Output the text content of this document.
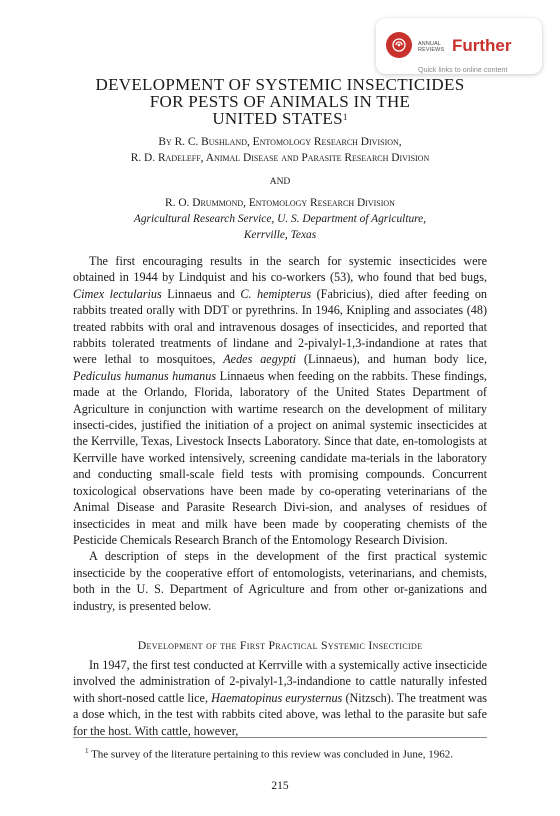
ANNUAL
REVIEWS Further
Quick links to online content
DEVELOPMENT OF SYSTEMIC INSECTICIDES
FOR PESTS OF ANIMALS IN THE
UNITED STATES$^1$
By R. C. Bushland, Entomology Research Division,
R. D. Radeleff, Animal Disease and Parasite Research Division
AND
R. O. Drummond, Entomology Research Division
Agricultural Research Service, U. S. Department of Agriculture,
Kerrville, Texas

The first encouraging results in the search for systemic insecticides were obtained in 1944 by Lindquist and his co-workers (53), who found that bed bugs, Cimex lectularius Linnaeus and C. hemipterus (Fabricius), died after feeding on rabbits treated orally with DDT or pyrethrins. In 1946, Knipling and associates (48) treated rabbits with oral and intravenous dosages of insecticides, and reported that rabbits tolerated treatments of lindane and 2-pivalyl-1,3-indandione at rates that were lethal to mosquitoes, Aedes aegypti (Linnaeus), and human body lice, Pediculus humanus humanus Linnaeus when feeding on the rabbits. These findings, made at the Orlando, Florida, laboratory of the United States Department of Agriculture in conjunction with wartime research on the development of military insecti-cides, justified the initiation of a project on animal systemic insecticides at the Kerrville, Texas, Livestock Insects Laboratory. Since that date, en-tomologists at Kerrville have worked intensively, screening candidate ma-terials in the laboratory and conducting small-scale field tests with promising compounds. Concurrent toxicological observations have been made by co-operating veterinarians of the Animal Disease and Parasite Research Divi-sion, and analyses of residues of insecticides in meat and milk have been made by cooperating chemists of the Pesticide Chemicals Research Branch of the Entomology Research Division.

A description of steps in the development of the first practical systemic insecticide by the cooperative effort of entomologists, veterinarians, and chemists, both in the U. S. Department of Agriculture and from other or-ganizations and industry, is presented below.

Development of the First Practical Systemic Insecticide

In 1947, the first test conducted at Kerrville with a systemically active insecticide involved the administration of 2-pivalyl-1,3-indandione to cattle naturally infested with short-nosed cattle lice, Haematopinus eurysternus (Nitzsch). The treatment was a dose which, in the test with rabbits cited above, was lethal to the parasite but safe for the host. With cattle, however,

$^1$ The survey of the literature pertaining to this review was concluded in June, 1962.

215
